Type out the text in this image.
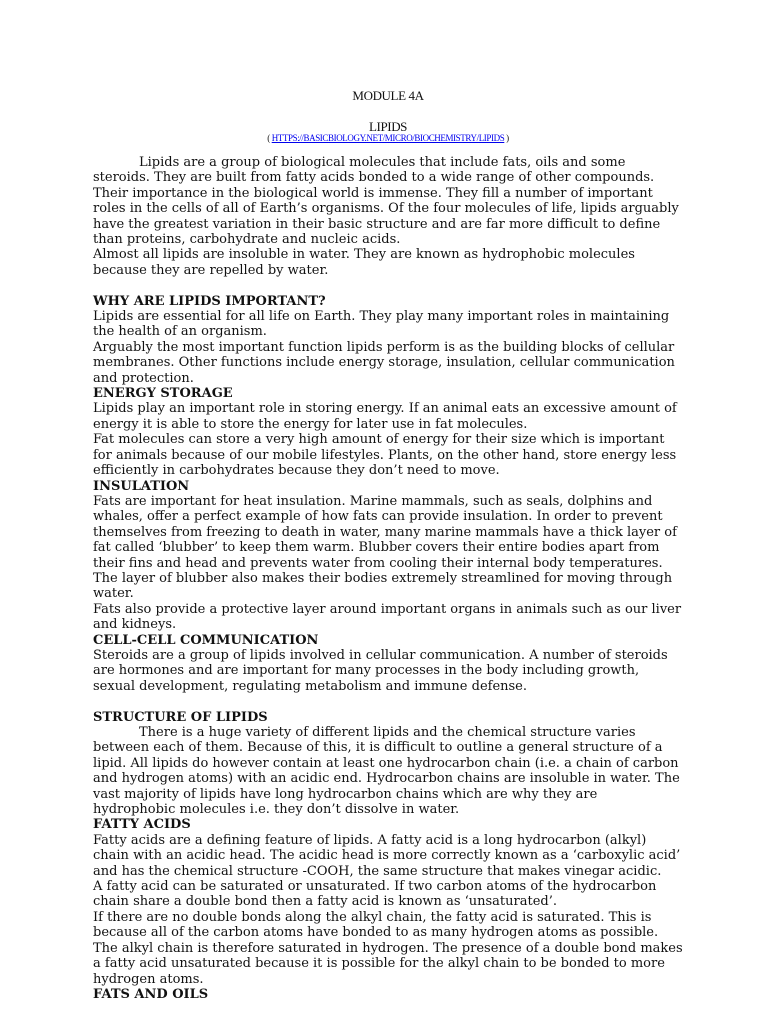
MODULE 4A
LIPIDS
( HTTPS://BASICBIOLOGY.NET/MICRO/BIOCHEMISTRY/LIPIDS )

Lipids are a group of biological molecules that include fats, oils and some steroids. They are built from fatty acids bonded to a wide range of other compounds.

Their importance in the biological world is immense. They fill a number of important roles in the cells of all of Earth’s organisms. Of the four molecules of life, lipids arguably have the greatest variation in their basic structure and are far more difficult to define than proteins, carbohydrate and nucleic acids.

Almost all lipids are insoluble in water. They are known as hydrophobic molecules because they are repelled by water.

WHY ARE LIPIDS IMPORTANT?

Lipids are essential for all life on Earth. They play many important roles in maintaining the health of an organism.

Arguably the most important function lipids perform is as the building blocks of cellular membranes. Other functions include energy storage, insulation, cellular communication and protection.

ENERGY STORAGE

Lipids play an important role in storing energy. If an animal eats an excessive amount of energy it is able to store the energy for later use in fat molecules.

Fat molecules can store a very high amount of energy for their size which is important for animals because of our mobile lifestyles. Plants, on the other hand, store energy less efficiently in carbohydrates because they don’t need to move.

INSULATION

Fats are important for heat insulation. Marine mammals, such as seals, dolphins and whales, offer a perfect example of how fats can provide insulation. In order to prevent themselves from freezing to death in water, many marine mammals have a thick layer of fat called ‘blubber’ to keep them warm. Blubber covers their entire bodies apart from their fins and head and prevents water from cooling their internal body temperatures. The layer of blubber also makes their bodies extremely streamlined for moving through water.

Fats also provide a protective layer around important organs in animals such as our liver and kidneys.

CELL-CELL COMMUNICATION

Steroids are a group of lipids involved in cellular communication. A number of steroids are hormones and are important for many processes in the body including growth, sexual development, regulating metabolism and immune defense.

STRUCTURE OF LIPIDS

There is a huge variety of different lipids and the chemical structure varies between each of them. Because of this, it is difficult to outline a general structure of a lipid. All lipids do however contain at least one hydrocarbon chain (i.e. a chain of carbon and hydrogen atoms) with an acidic end. Hydrocarbon chains are insoluble in water. The vast majority of lipids have long hydrocarbon chains which are why they are hydrophobic molecules i.e. they don’t dissolve in water.

FATTY ACIDS

Fatty acids are a defining feature of lipids. A fatty acid is a long hydrocarbon (alkyl) chain with an acidic head. The acidic head is more correctly known as a ‘carboxylic acid’ and has the chemical structure -COOH, the same structure that makes vinegar acidic.

A fatty acid can be saturated or unsaturated. If two carbon atoms of the hydrocarbon chain share a double bond then a fatty acid is known as ‘unsaturated’.

If there are no double bonds along the alkyl chain, the fatty acid is saturated. This is because all of the carbon atoms have bonded to as many hydrogen atoms as possible. The alkyl chain is therefore saturated in hydrogen. The presence of a double bond makes a fatty acid unsaturated because it is possible for the alkyl chain to be bonded to more hydrogen atoms.

FATS AND OILS
